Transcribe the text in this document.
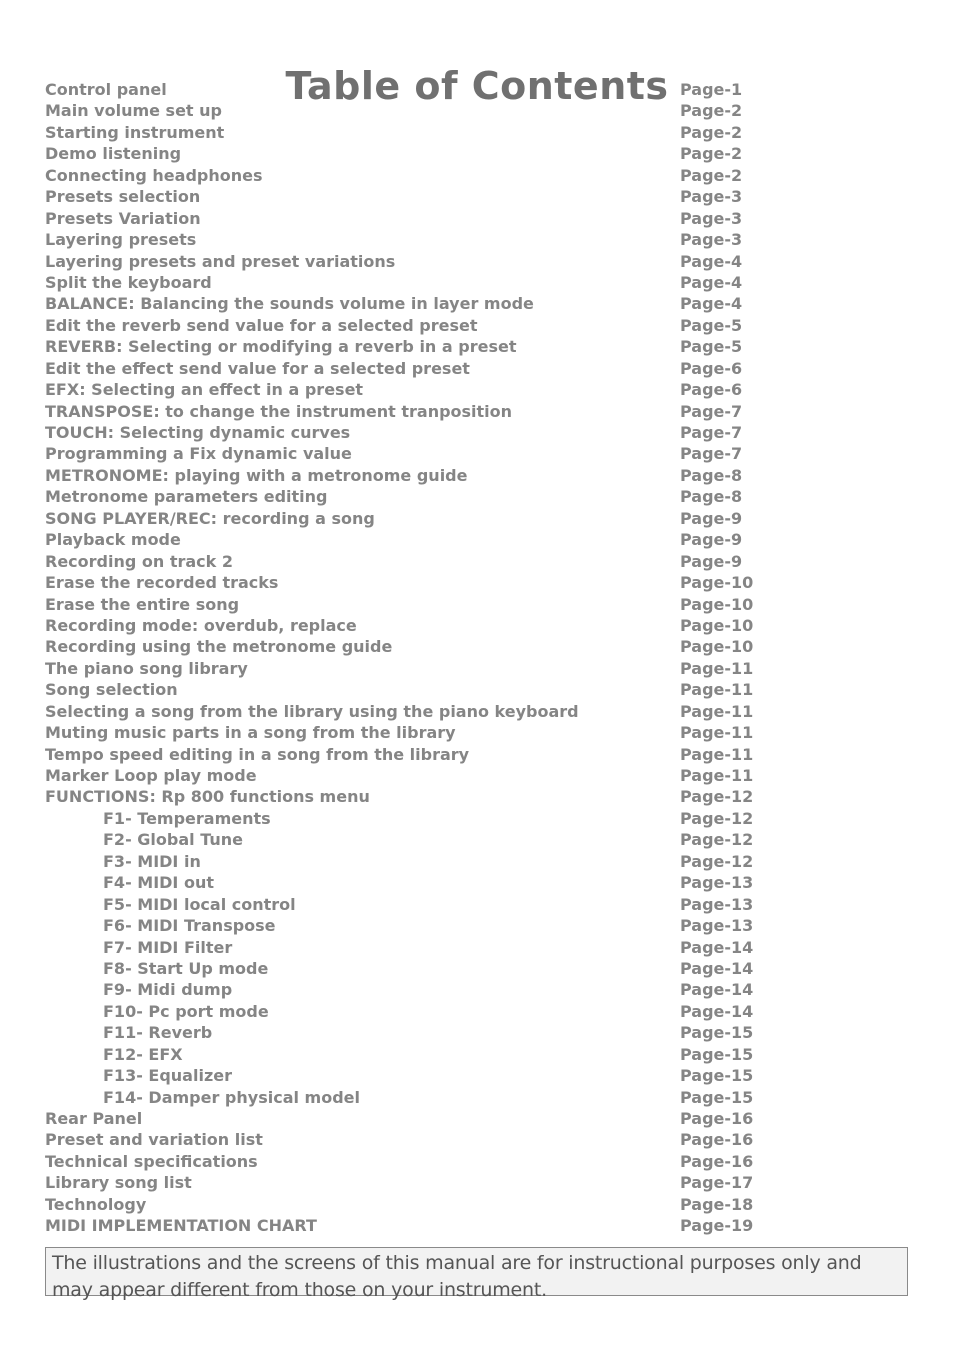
Table of Contents
Control panel	Page-1
Main volume set up	Page-2
Starting instrument	Page-2
Demo listening	Page-2
Connecting headphones	Page-2
Presets selection	Page-3
Presets Variation	Page-3
Layering presets	Page-3
Layering presets and preset variations	Page-4
Split the keyboard	Page-4
BALANCE: Balancing the sounds volume in layer mode	Page-4
Edit the reverb send value for a selected preset	Page-5
REVERB: Selecting or modifying a reverb in a preset	Page-5
Edit the effect send value for a selected preset	Page-6
EFX: Selecting an effect in a preset	Page-6
TRANSPOSE: to change the instrument tranposition	Page-7
TOUCH: Selecting dynamic curves	Page-7
Programming a Fix dynamic value	Page-7
METRONOME: playing with a metronome guide	Page-8
Metronome parameters editing	Page-8
SONG PLAYER/REC: recording a song	Page-9
Playback mode	Page-9
Recording on track 2	Page-9
Erase the recorded tracks	Page-10
Erase the entire song	Page-10
Recording mode: overdub, replace	Page-10
Recording using the metronome guide	Page-10
The piano song library	Page-11
Song selection	Page-11
Selecting a song from the library using the piano keyboard	Page-11
Muting music parts in a song from the library	Page-11
Tempo speed editing in a song from the library	Page-11
Marker Loop play mode	Page-11
FUNCTIONS: Rp 800 functions menu	Page-12
F1- Temperaments	Page-12
F2- Global Tune	Page-12
F3- MIDI in	Page-12
F4- MIDI out	Page-13
F5- MIDI local control	Page-13
F6- MIDI Transpose	Page-13
F7- MIDI Filter	Page-14
F8- Start Up mode	Page-14
F9- Midi dump	Page-14
F10- Pc port mode	Page-14
F11- Reverb	Page-15
F12- EFX	Page-15
F13- Equalizer	Page-15
F14- Damper physical model	Page-15
Rear Panel	Page-16
Preset and variation list	Page-16
Technical specifications	Page-16
Library song list	Page-17
Technology	Page-18
MIDI IMPLEMENTATION CHART	Page-19
The illustrations and the screens of this manual are for instructional purposes only and may appear different from those on your instrument.
